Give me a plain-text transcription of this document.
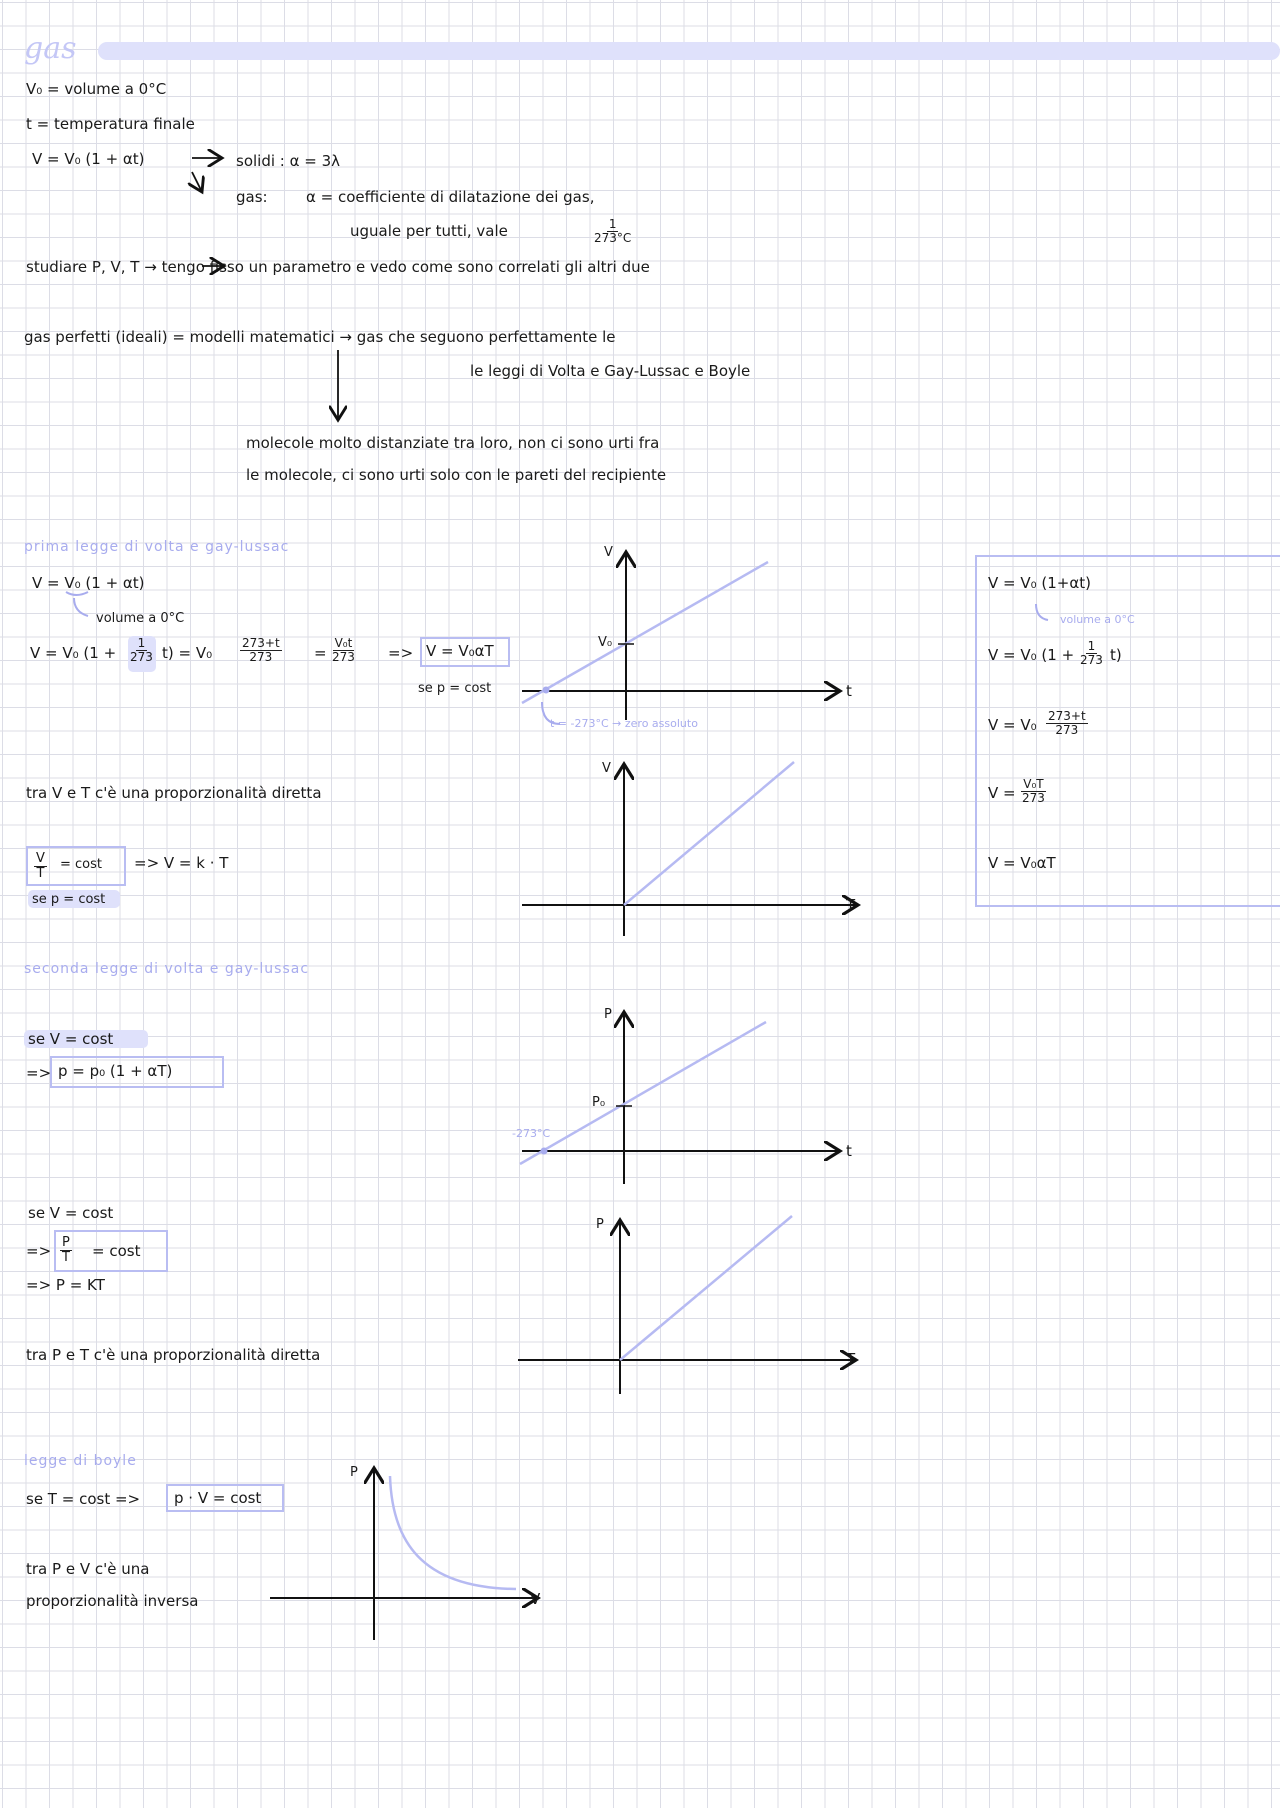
gas
V₀ = volume a 0°C
t = temperatura finale
V = V₀ (1 + αt)	solidi : α = 3λ
gas:	α = coefficiente di dilatazione dei gas,
uguale per tutti, vale	$\frac{1}{273^\circ C}$
studiare P, V, T → tengo fisso un parametro e vedo come sono correlati gli altri due
gas perfetti (ideali) = modelli matematici → gas che seguono perfettamente le
le leggi di Volta e Gay-Lussac e Boyle
molecole molto distanziate tra loro, non ci sono urti fra
le molecole, ci sono urti solo con le pareti del recipiente
prima legge di volta e gay-lussac
V = V₀ (1 + αt)
volume a 0°C
V = V₀ $(1 + \frac{1}{273} t) = V_0 \frac{273+t}{273} = \frac{\text{V₀t}}{273} => V = V_0\alpha T$
se p = cost
tra V e T c'è una proporzionalità diretta
$\frac{V}{T} = \cos t => V = k \cdot T$
se p = cost
V = V₀ (1+αt)
volume a 0°C
V = V₀ $(1 + \frac{1}{273} t)$
$V = V_0 \frac{273+t}{273}$
$V = \frac{\text{V₀T}}{273}$
V = V₀αT
seconda legge di volta e gay-lussac
se V = cost
=> p = p₀ (1 + αT)
se V = cost
=> $\frac{P}{T} = \cos t$
=> P = KT
tra P e T c'è una proporzionalità diretta
legge di boyle
se T = cost => p · V = cost
tra P e V c'è una
proporzionalità inversa
V
t
V₀
t = -273°C → zero assoluto
V
T
P
t
P₀
-273°C
P
T
P
V
